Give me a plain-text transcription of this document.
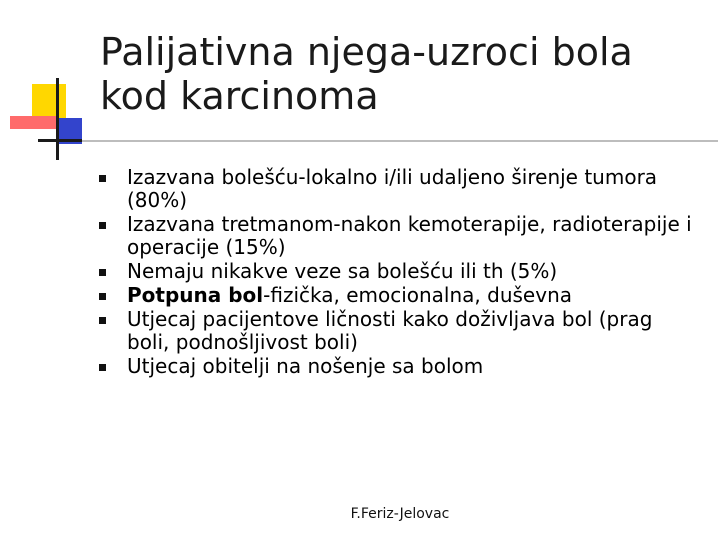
Palijativna njega-uzroci bola
kod karcinoma
Izazvana bolešću-lokalno i/ili udaljeno širenje tumora (80%)
Izazvana tretmanom-nakon kemoterapije, radioterapije i operacije (15%)
Nemaju nikakve veze sa bolešću ili th (5%)
Potpuna bol-fizička, emocionalna, duševna
Utjecaj pacijentove ličnosti kako doživljava bol (prag boli, podnošljivost boli)
Utjecaj obitelji na nošenje sa bolom
F.Feriz-Jelovac
